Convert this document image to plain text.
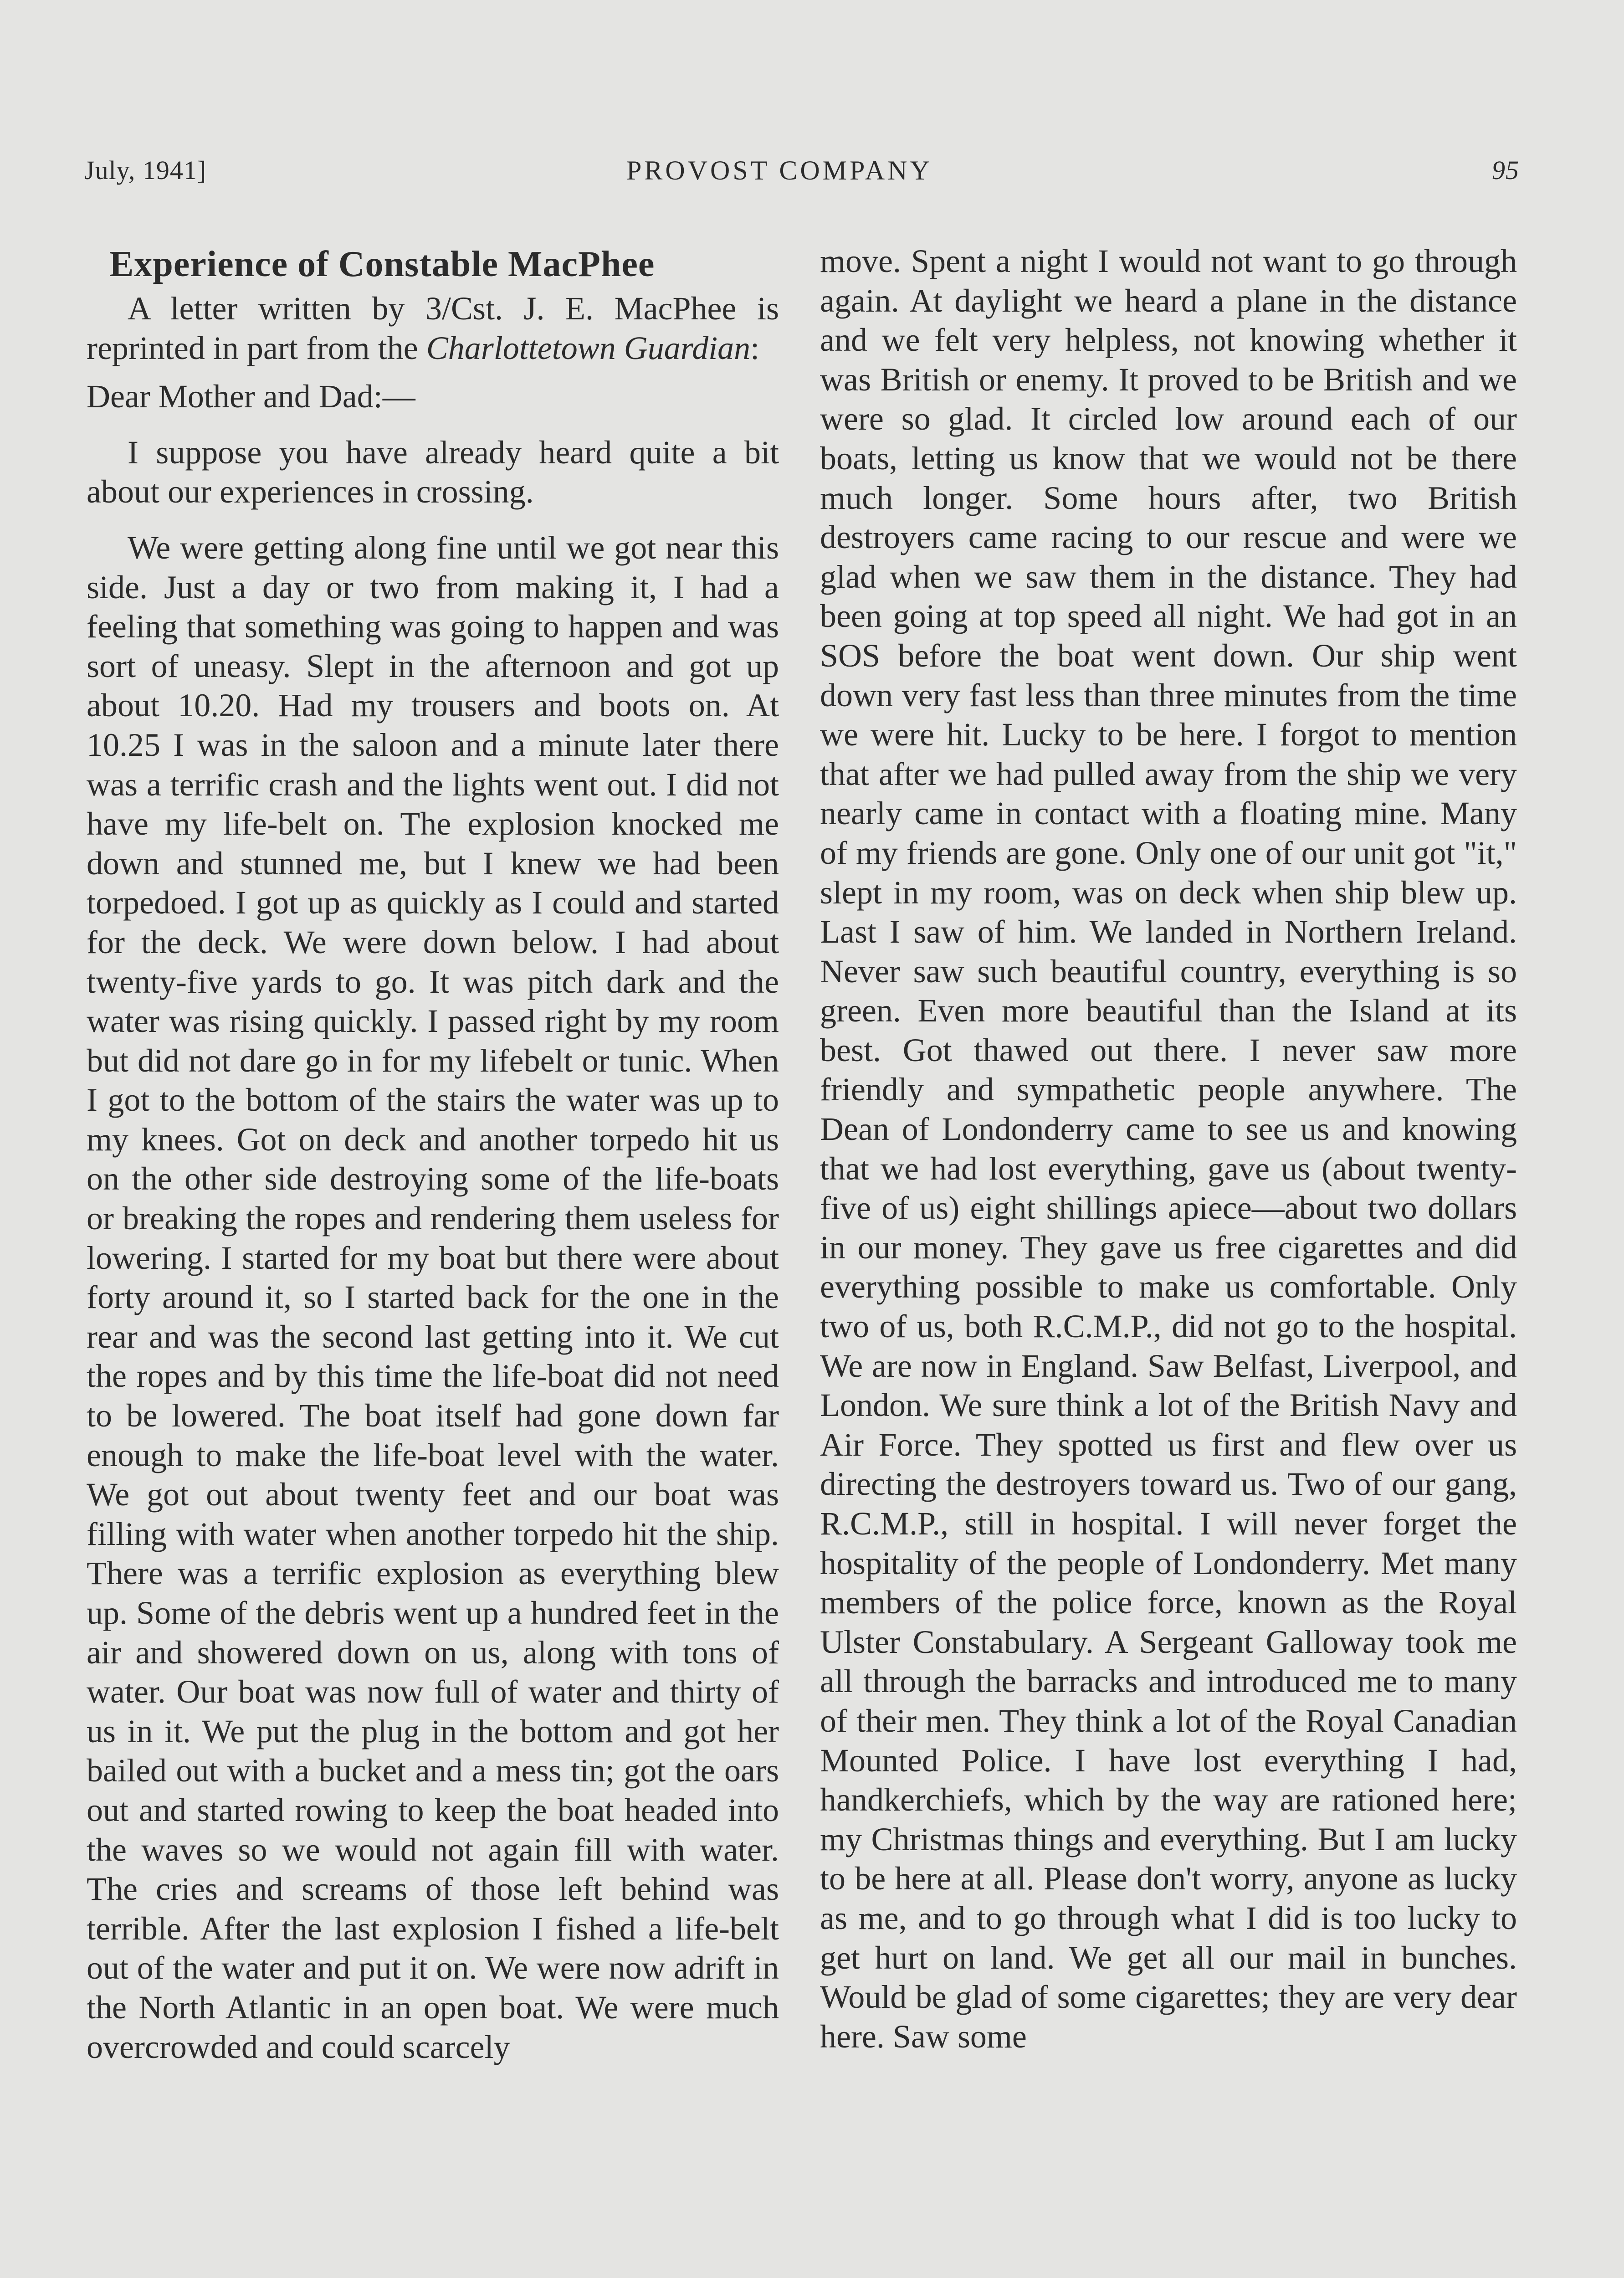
July, 1941]	PROVOST COMPANY	95
Experience of Constable MacPhee

A letter written by 3/Cst. J. E. MacPhee is reprinted in part from the Charlottetown Guardian:

Dear Mother and Dad:—

I suppose you have already heard quite a bit about our experiences in crossing.

We were getting along fine until we got near this side. Just a day or two from making it, I had a feeling that something was going to happen and was sort of uneasy. Slept in the afternoon and got up about 10.20. Had my trousers and boots on. At 10.25 I was in the saloon and a minute later there was a terrific crash and the lights went out. I did not have my life-belt on. The explosion knocked me down and stunned me, but I knew we had been torpedoed. I got up as quickly as I could and started for the deck. We were down below. I had about twenty-five yards to go. It was pitch dark and the water was rising quickly. I passed right by my room but did not dare go in for my lifebelt or tunic. When I got to the bottom of the stairs the water was up to my knees. Got on deck and another torpedo hit us on the other side destroying some of the life-boats or breaking the ropes and rendering them useless for lowering. I started for my boat but there were about forty around it, so I started back for the one in the rear and was the second last getting into it. We cut the ropes and by this time the life-boat did not need to be lowered. The boat itself had gone down far enough to make the life-boat level with the water. We got out about twenty feet and our boat was filling with water when another torpedo hit the ship. There was a terrific explosion as everything blew up. Some of the debris went up a hundred feet in the air and showered down on us, along with tons of water. Our boat was now full of water and thirty of us in it. We put the plug in the bottom and got her bailed out with a bucket and a mess tin; got the oars out and started rowing to keep the boat headed into the waves so we would not again fill with water. The cries and screams of those left behind was terrible. After the last explosion I fished a life-belt out of the water and put it on. We were now adrift in the North Atlantic in an open boat. We were much overcrowded and could scarcely

move. Spent a night I would not want to go through again. At daylight we heard a plane in the distance and we felt very helpless, not knowing whether it was British or enemy. It proved to be British and we were so glad. It circled low around each of our boats, letting us know that we would not be there much longer. Some hours after, two British destroyers came racing to our rescue and were we glad when we saw them in the distance. They had been going at top speed all night. We had got in an SOS before the boat went down. Our ship went down very fast less than three minutes from the time we were hit. Lucky to be here. I forgot to mention that after we had pulled away from the ship we very nearly came in contact with a floating mine. Many of my friends are gone. Only one of our unit got "it," slept in my room, was on deck when ship blew up. Last I saw of him. We landed in Northern Ireland. Never saw such beautiful country, everything is so green. Even more beautiful than the Island at its best. Got thawed out there. I never saw more friendly and sympathetic people anywhere. The Dean of Londonderry came to see us and knowing that we had lost everything, gave us (about twenty-five of us) eight shillings apiece—about two dollars in our money. They gave us free cigarettes and did everything possible to make us comfortable. Only two of us, both R.C.M.P., did not go to the hospital. We are now in England. Saw Belfast, Liverpool, and London. We sure think a lot of the British Navy and Air Force. They spotted us first and flew over us directing the destroyers toward us. Two of our gang, R.C.M.P., still in hospital. I will never forget the hospitality of the people of Londonderry. Met many members of the police force, known as the Royal Ulster Constabulary. A Sergeant Galloway took me all through the barracks and introduced me to many of their men. They think a lot of the Royal Canadian Mounted Police. I have lost everything I had, handkerchiefs, which by the way are rationed here; my Christmas things and everything. But I am lucky to be here at all. Please don't worry, anyone as lucky as me, and to go through what I did is too lucky to get hurt on land. We get all our mail in bunches. Would be glad of some cigarettes; they are very dear here. Saw some
